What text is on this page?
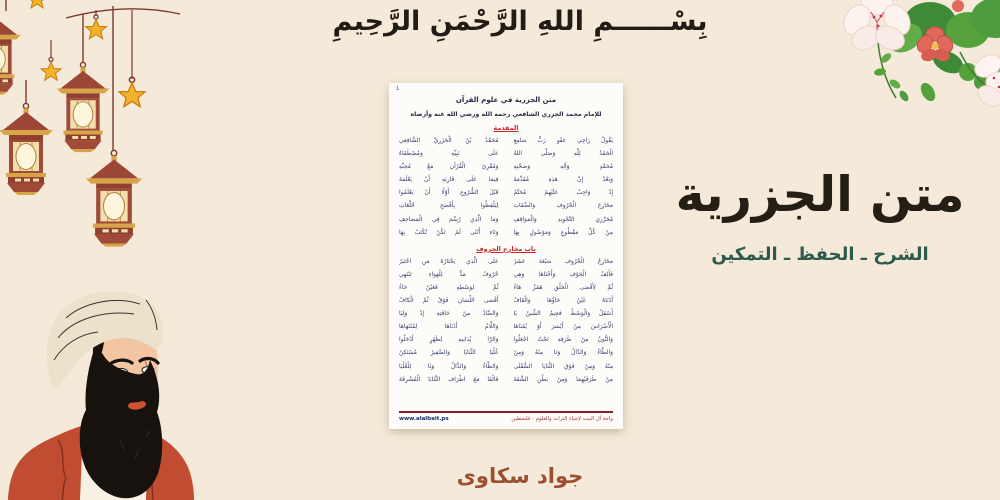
بِسْــــــمِ اللهِ الرَّحْمَنِ الرَّحِيمِ
متن الجزرية
الشرح ـ الحفظ ـ التمكين
1
متن الجزرية في علوم القرآن
للإمام محمد الجزري الشافعي رحمه الله ورضي الله عنه وأرضاه
المقدمة
يَقُولُ رَاجِي عَفْوِ رَبٍّ سَامِعِ
مُحَمَّدُ بْنُ الْجَزَرِيِّ الشَّافِعِي
الْحَمْدُ لِلَّهِ وَصَلَّى اللهُ
عَلَى نَبِيِّهِ وَمُصْطَفَاهُ
مُحَمَّدٍ وَآلِهِ وَصَحْبِهِ
وَمُقْرِئِ الْقُرْآنِ مَعْ مُحِبِّهِ
وَبَعْدُ إِنَّ هَذِهِ مُقَدِّمَهْ
فِيمَا عَلَى قَارِئِهِ أَنْ يَعْلَمَهْ
إِذْ وَاجِبٌ عَلَيْهِمْ مُحَتَّمُ
قَبْلَ الشُّرُوعِ أَوَّلًا أَنْ يَعْلَمُوا
مَخَارِجَ الْحُرُوفِ وَالصِّفَاتِ
لِيَلْفِظُوا بِأَفْصَحِ اللُّغَاتِ
مُحَرِّرِي التَّجْوِيدِ وَالْمَوَاقِفِ
وَمَا الَّذِي رُسِّمَ فِي الْمَصَاحِفِ
مِنْ كُلِّ مَقْطُوعٍ وَمَوْصُولٍ بِهَا
وَتَاءِ أُنْثَى لَمْ تَكُنْ تُكْتَبْ بِهَا
باب مخارج الحروف
مَخَارِجُ الْحُرُوفِ سَبْعَةَ عَشَرْ
عَلَى الَّذِي يَخْتَارُهُ مَنِ اخْتَبَرْ
فَأَلِفُ الْجَوْفِ وَأُخْتَاهَا وَهِي
حُرُوفُ مَدٍّ لِلْهَوَاءِ تَنْتَهِي
ثُمَّ لِأَقْصَى الْحَلْقِ هَمْزٌ هَاءُ
ثُمَّ لِوَسْطِهِ فَعَيْنٌ حَاءُ
أَدْنَاهُ غَيْنٌ خَاؤُهَا وَالْقَافُ
أَقْصَى اللِّسَانِ فَوْقُ ثُمَّ الْكَافُ
أَسْفَلُ وَالْوَسْطُ فَجِيمُ الشِّينُ يَا
وَالضَّادُ مِنْ حَافَتِهِ إِذْ وَلِيَا
الْأَضْرَاسَ مِنْ أَيْسَرَ أَوْ يُمْنَاهَا
وَاللَّامُ أَدْنَاهَا لِمُنْتَهَاهَا
وَالنُّونُ مِنْ طَرَفِهِ تَحْتُ اجْعَلُوا
وَالرَّا يُدَانِيهِ لِظَهْرٍ أَدْخَلُوا
وَالطَّاءُ وَالدَّالُ وَتَا مِنْهُ وَمِنْ
عُلْيَا الثَّنَايَا وَالصَّفِيرُ مُسْتَكِنْ
مِنْهُ وَمِنْ فَوْقِ الثَّنَايَا السُّفْلَى
وَالظَّاءُ وَالذَّالُ وَثَا لِلْعُلْيَا
مِنْ طَرَفَيْهِمَا وَمِنْ بَطْنِ الشَّفَهْ
فَالْفَا مَعَ اطْرَافِ الثَّنَايَا الْمُشْرِفَهْ
www.alalbait.ps	واحة آل البيت لإحياء التراث والعلوم - فلسطين
جواد سكاوى
